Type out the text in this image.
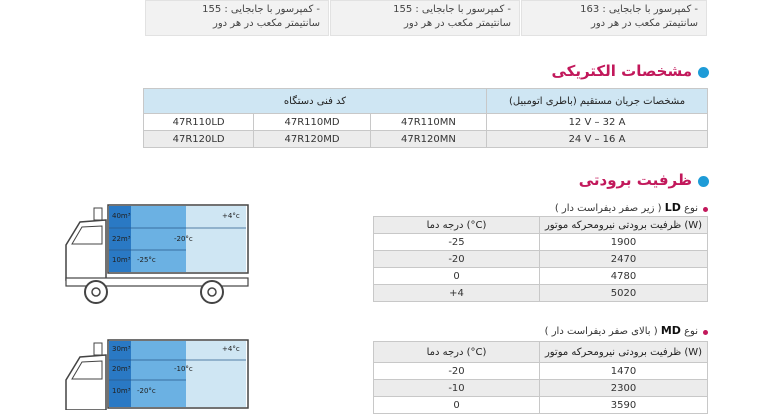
- کمپرسور با جابجایی : 155
سانتیمتر مکعب در هر دور
- کمپرسور با جابجایی : 155
سانتیمتر مکعب در هر دور
- کمپرسور با جابجایی : 163
سانتیمتر مکعب در هر دور
مشخصات الکتریکی
کد فنی دستگاه			مشخصات جریان مستقیم (باطری اتومبیل)
47R110LD	47R110MD	47R110MN	12 V – 32 A
47R120LD	47R120MD	47R120MN	24 V – 16 A
ظرفیت برودتی
نوع LD ( زیر صفر دیفراست دار )
درجه دما (°C)	ظرفیت برودتی نیرومحرکه موتور (W)
-25	1900
-20	2470
0	4780
+4	5020
نوع MD ( بالای صفر دیفراست دار )
درجه دما (°C)	ظرفیت برودتی نیرومحرکه موتور (W)
-20	1470
-10	2300
0	3590
40m³
22m³
10m³
+4°c
-20°c
-25°c
30m³
20m³
10m³
+4°c
-10°c
-20°c
